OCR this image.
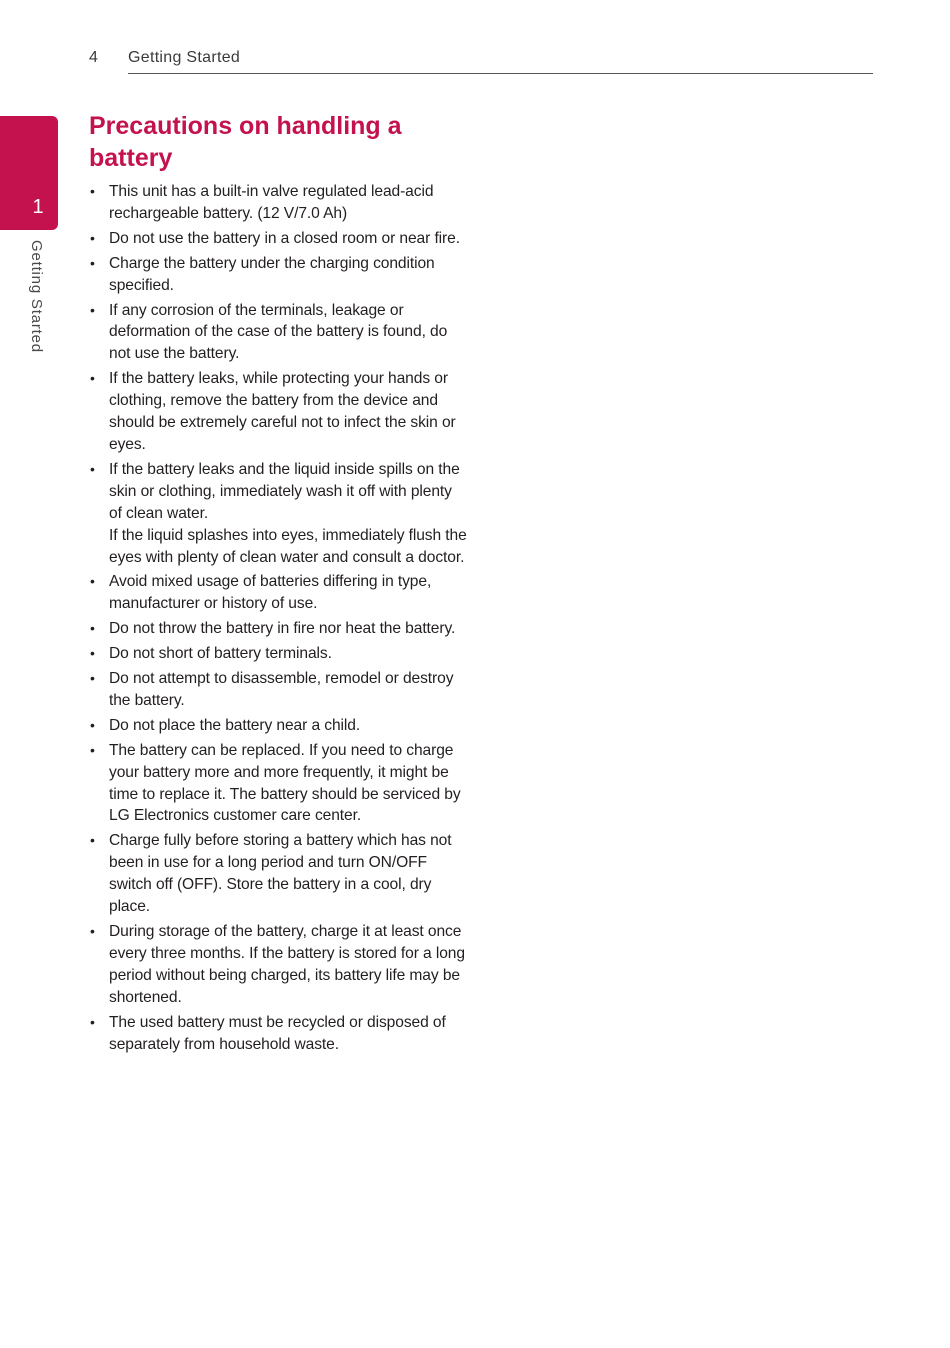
4 Getting Started
1
Getting Started
Precautions on handling a battery
• This unit has a built-in valve regulated lead-acid rechargeable battery. (12 V/7.0 Ah)
• Do not use the battery in a closed room or near fire.
• Charge the battery under the charging condition specified.
• If any corrosion of the terminals, leakage or deformation of the case of the battery is found, do not use the battery.
• If the battery leaks, while protecting your hands or clothing, remove the battery from the device and should be extremely careful not to infect the skin or eyes.
• If the battery leaks and the liquid inside spills on the skin or clothing, immediately wash it off with plenty of clean water.
If the liquid splashes into eyes, immediately flush the eyes with plenty of clean water and consult a doctor.
• Avoid mixed usage of batteries differing in type, manufacturer or history of use.
• Do not throw the battery in fire nor heat the battery.
• Do not short of battery terminals.
• Do not attempt to disassemble, remodel or destroy the battery.
• Do not place the battery near a child.
• The battery can be replaced. If you need to charge your battery more and more frequently, it might be time to replace it. The battery should be serviced by LG Electronics customer care center.
• Charge fully before storing a battery which has not been in use for a long period and turn ON/OFF switch off (OFF). Store the battery in a cool, dry place.
• During storage of the battery, charge it at least once every three months. If the battery is stored for a long period without being charged, its battery life may be shortened.
• The used battery must be recycled or disposed of separately from household waste.
